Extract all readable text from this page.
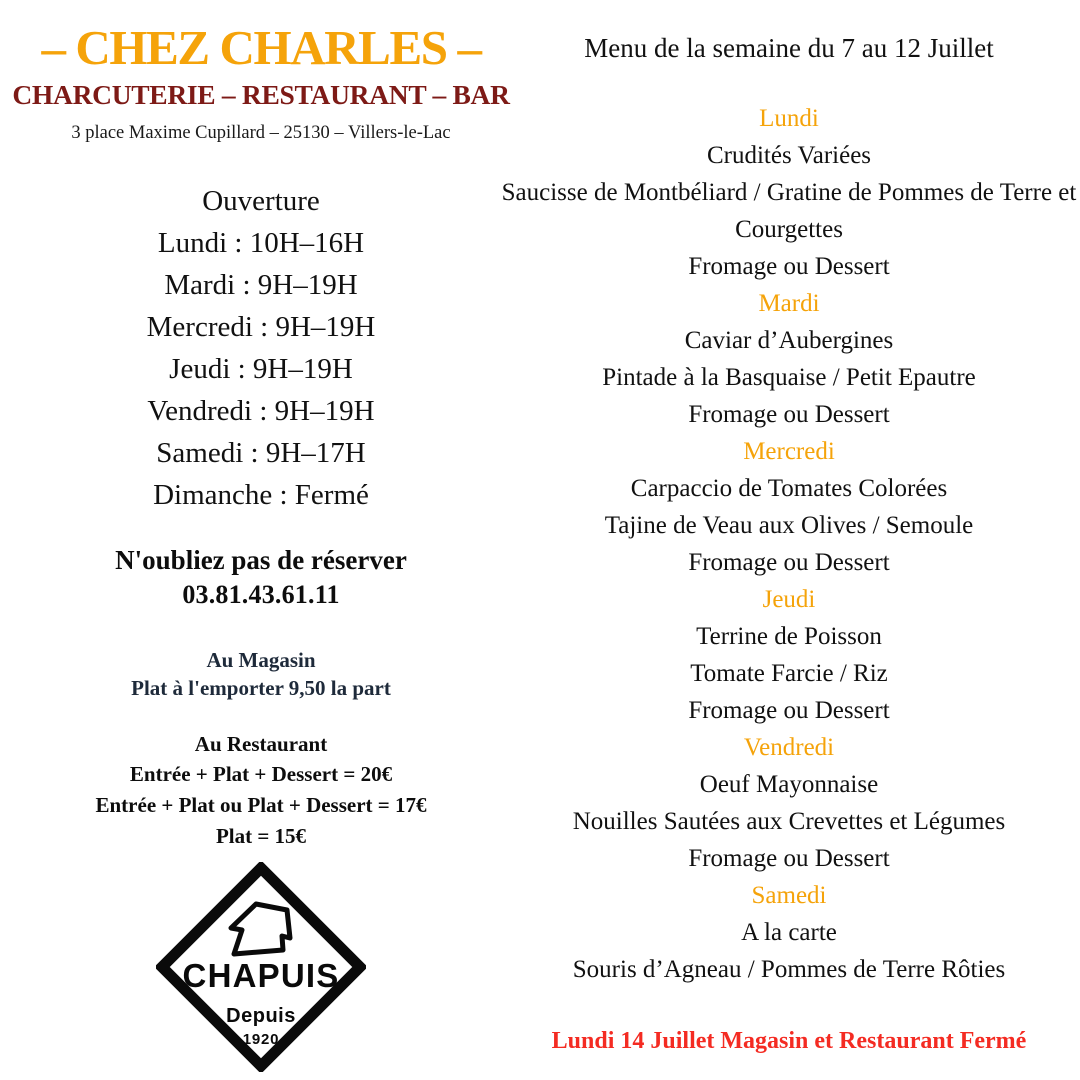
– CHEZ CHARLES –
CHARCUTERIE – RESTAURANT – BAR

3 place Maxime Cupillard – 25130 – Villers-le-Lac

Ouverture
Lundi : 10H–16H
Mardi : 9H–19H
Mercredi : 9H–19H
Jeudi : 9H–19H
Vendredi : 9H–19H
Samedi : 9H–17H
Dimanche : Fermé
N'oubliez pas de réserver
03.81.43.61.11
Au Magasin
Plat à l'emporter 9,50 la part
Au Restaurant
Entrée + Plat + Dessert = 20€
Entrée + Plat ou Plat + Dessert = 17€
Plat = 15€
CHAPUIS
Depuis
1920

Menu de la semaine du 7 au 12 Juillet

Lundi
Crudités Variées
Saucisse de Montbéliard / Gratine de Pommes de Terre et
Courgettes
Fromage ou Dessert
Mardi
Caviar d’Aubergines
Pintade à la Basquaise / Petit Epautre
Fromage ou Dessert
Mercredi
Carpaccio de Tomates Colorées
Tajine de Veau aux Olives / Semoule
Fromage ou Dessert
Jeudi
Terrine de Poisson
Tomate Farcie / Riz
Fromage ou Dessert
Vendredi
Oeuf Mayonnaise
Nouilles Sautées aux Crevettes et Légumes
Fromage ou Dessert
Samedi
A la carte
Souris d’Agneau / Pommes de Terre Rôties
Lundi 14 Juillet Magasin et Restaurant Fermé
